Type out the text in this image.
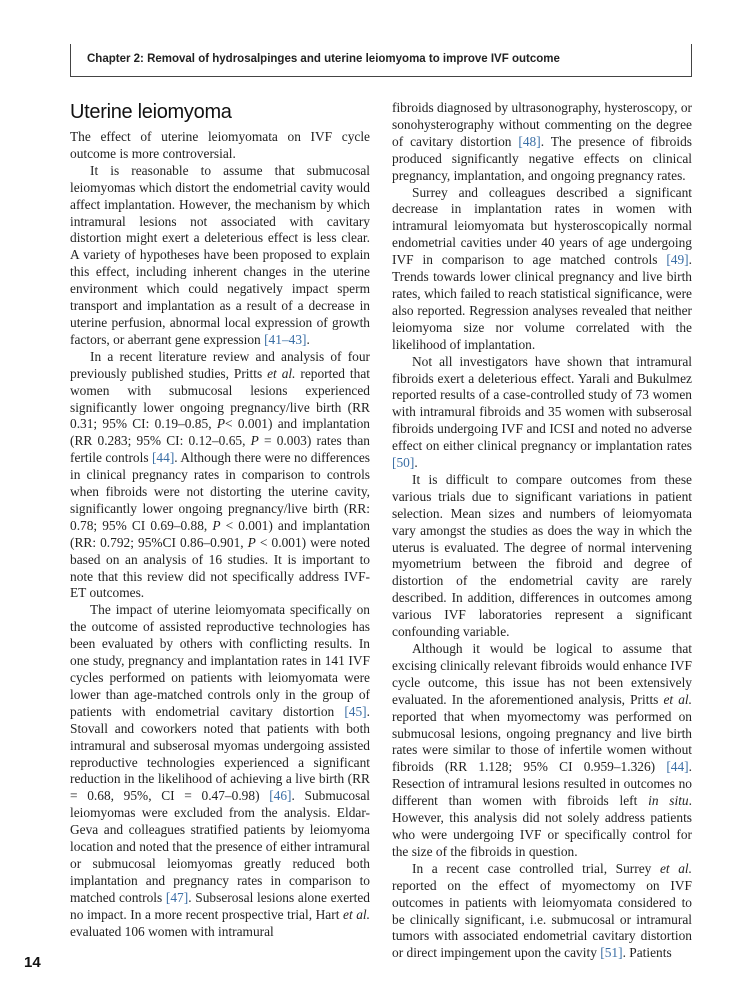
Chapter 2: Removal of hydrosalpinges and uterine leiomyoma to improve IVF outcome
Uterine leiomyoma

The effect of uterine leiomyomata on IVF cycle outcome is more controversial.

It is reasonable to assume that submucosal leiomyomas which distort the endometrial cavity would affect implantation. However, the mechanism by which intramural lesions not associated with cavitary distortion might exert a deleterious effect is less clear. A variety of hypotheses have been proposed to explain this effect, including inherent changes in the uterine environment which could negatively impact sperm transport and implantation as a result of a decrease in uterine perfusion, abnormal local expression of growth factors, or aberrant gene expression [41–43].

In a recent literature review and analysis of four previously published studies, Pritts et al. reported that women with submucosal lesions experienced significantly lower ongoing pregnancy/live birth (RR 0.31; 95% CI: 0.19–0.85, P< 0.001) and implantation (RR 0.283; 95% CI: 0.12–0.65, P = 0.003) rates than fertile controls [44]. Although there were no differences in clinical pregnancy rates in comparison to controls when fibroids were not distorting the uterine cavity, significantly lower ongoing pregnancy/live birth (RR: 0.78; 95% CI 0.69–0.88, P < 0.001) and implantation (RR: 0.792; 95%CI 0.86–0.901, P < 0.001) were noted based on an analysis of 16 studies. It is important to note that this review did not specifically address IVF-ET outcomes.

The impact of uterine leiomyomata specifically on the outcome of assisted reproductive technologies has been evaluated by others with conflicting results. In one study, pregnancy and implantation rates in 141 IVF cycles performed on patients with leiomyomata were lower than age-matched controls only in the group of patients with endometrial cavitary distortion [45]. Stovall and coworkers noted that patients with both intramural and subserosal myomas undergoing assisted reproductive technologies experienced a significant reduction in the likelihood of achieving a live birth (RR = 0.68, 95%, CI = 0.47–0.98) [46]. Submucosal leiomyomas were excluded from the analysis. Eldar-Geva and colleagues stratified patients by leiomyoma location and noted that the presence of either intramural or submucosal leiomyomas greatly reduced both implantation and pregnancy rates in comparison to matched controls [47]. Subserosal lesions alone exerted no impact. In a more recent prospective trial, Hart et al. evaluated 106 women with intramural

fibroids diagnosed by ultrasonography, hysteroscopy, or sonohysterography without commenting on the degree of cavitary distortion [48]. The presence of fibroids produced significantly negative effects on clinical pregnancy, implantation, and ongoing pregnancy rates.

Surrey and colleagues described a significant decrease in implantation rates in women with intramural leiomyomata but hysteroscopically normal endometrial cavities under 40 years of age undergoing IVF in comparison to age matched controls [49]. Trends towards lower clinical pregnancy and live birth rates, which failed to reach statistical significance, were also reported. Regression analyses revealed that neither leiomyoma size nor volume correlated with the likelihood of implantation.

Not all investigators have shown that intramural fibroids exert a deleterious effect. Yarali and Bukulmez reported results of a case-controlled study of 73 women with intramural fibroids and 35 women with subserosal fibroids undergoing IVF and ICSI and noted no adverse effect on either clinical pregnancy or implantation rates [50].

It is difficult to compare outcomes from these various trials due to significant variations in patient selection. Mean sizes and numbers of leiomyomata vary amongst the studies as does the way in which the uterus is evaluated. The degree of normal intervening myometrium between the fibroid and degree of distortion of the endometrial cavity are rarely described. In addition, differences in outcomes among various IVF laboratories represent a significant confounding variable.

Although it would be logical to assume that excising clinically relevant fibroids would enhance IVF cycle outcome, this issue has not been extensively evaluated. In the aforementioned analysis, Pritts et al. reported that when myomectomy was performed on submucosal lesions, ongoing pregnancy and live birth rates were similar to those of infertile women without fibroids (RR 1.128; 95% CI 0.959–1.326) [44]. Resection of intramural lesions resulted in outcomes no different than women with fibroids left in situ. However, this analysis did not solely address patients who were undergoing IVF or specifically control for the size of the fibroids in question.

In a recent case controlled trial, Surrey et al. reported on the effect of myomectomy on IVF outcomes in patients with leiomyomata considered to be clinically significant, i.e. submucosal or intramural tumors with associated endometrial cavitary distortion or direct impingement upon the cavity [51]. Patients

14
